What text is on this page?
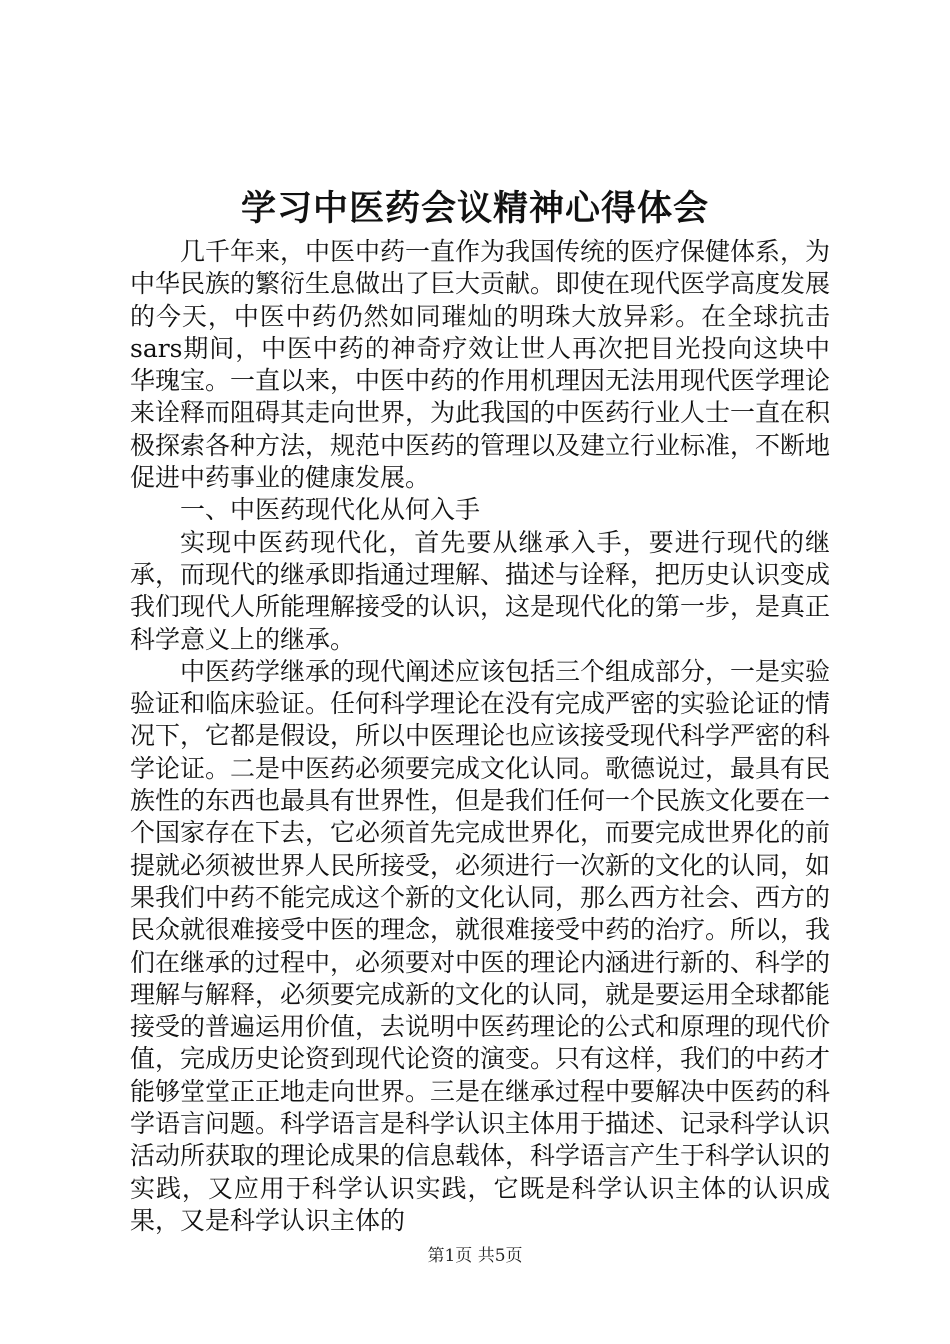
学习中医药会议精神心得体会

几千年来，中医中药一直作为我国传统的医疗保健体系，为中华民族的繁衍生息做出了巨大贡献。即使在现代医学高度发展的今天，中医中药仍然如同璀灿的明珠大放异彩。在全球抗击sars期间，中医中药的神奇疗效让世人再次把目光投向这块中华瑰宝。一直以来，中医中药的作用机理因无法用现代医学理论来诠释而阻碍其走向世界，为此我国的中医药行业人士一直在积极探索各种方法，规范中医药的管理以及建立行业标准，不断地促进中药事业的健康发展。

一、中医药现代化从何入手

实现中医药现代化，首先要从继承入手，要进行现代的继承，而现代的继承即指通过理解、描述与诠释，把历史认识变成我们现代人所能理解接受的认识，这是现代化的第一步，是真正科学意义上的继承。

中医药学继承的现代阐述应该包括三个组成部分，一是实验验证和临床验证。任何科学理论在没有完成严密的实验论证的情况下，它都是假设，所以中医理论也应该接受现代科学严密的科学论证。二是中医药必须要完成文化认同。歌德说过，最具有民族性的东西也最具有世界性，但是我们任何一个民族文化要在一个国家存在下去，它必须首先完成世界化，而要完成世界化的前提就必须被世界人民所接受，必须进行一次新的文化的认同，如果我们中药不能完成这个新的文化认同，那么西方社会、西方的民众就很难接受中医的理念，就很难接受中药的治疗。所以，我们在继承的过程中，必须要对中医的理论内涵进行新的、科学的理解与解释，必须要完成新的文化的认同，就是要运用全球都能接受的普遍运用价值，去说明中医药理论的公式和原理的现代价值，完成历史论资到现代论资的演变。只有这样，我们的中药才能够堂堂正正地走向世界。三是在继承过程中要解决中医药的科学语言问题。科学语言是科学认识主体用于描述、记录科学认识活动所获取的理论成果的信息载体，科学语言产生于科学认识的实践，又应用于科学认识实践，它既是科学认识主体的认识成果，又是科学认识主体的

第1页 共5页
